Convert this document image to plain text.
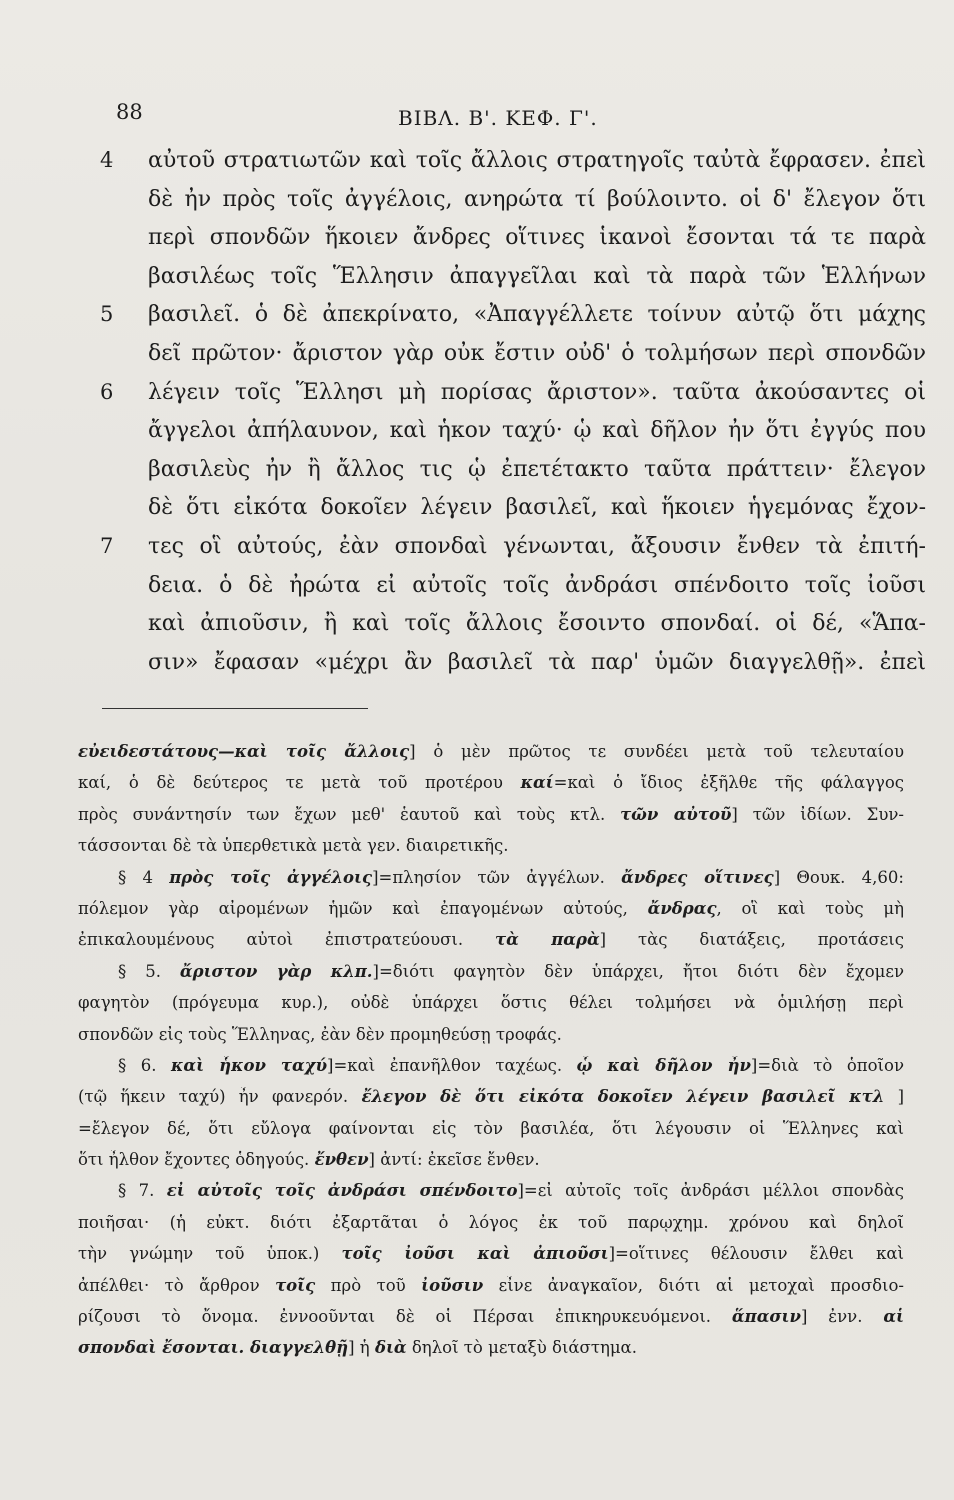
88	ΒΙΒΛ. Β'. ΚΕΦ. Γ'.
4 αὐτοῦ στρατιωτῶν καὶ τοῖς ἄλλοις στρατηγοῖς ταὐτὰ ἔφρασεν. ἐπεὶ
δὲ ἦν πρὸς τοῖς ἀγγέλοις, ανηρώτα τί βούλοιντο. οἱ δ' ἔλεγον ὅτι
περὶ σπονδῶν ἥκοιεν ἄνδρες οἵτινες ἱκανοὶ ἔσονται τά τε παρὰ
βασιλέως τοῖς Ἕλλησιν ἀπαγγεῖλαι καὶ τὰ παρὰ τῶν Ἑλλήνων
5 βασιλεῖ. ὁ δὲ ἀπεκρίνατο, «Ἀπαγγέλλετε τοίνυν αὐτῷ ὅτι μάχης
δεῖ πρῶτον· ἄριστον γὰρ οὐκ ἔστιν οὐδ' ὁ τολμήσων περὶ σπονδῶν
6 λέγειν τοῖς Ἕλλησι μὴ πορίσας ἄριστον». ταῦτα ἀκούσαντες οἱ
ἄγγελοι ἀπήλαυνον, καὶ ἧκον ταχύ· ᾧ καὶ δῆλον ἦν ὅτι ἐγγύς που
βασιλεὺς ἦν ἢ ἄλλος τις ᾧ ἐπετέτακτο ταῦτα πράττειν· ἔλεγον
δὲ ὅτι εἰκότα δοκοῖεν λέγειν βασιλεῖ, καὶ ἥκοιεν ἡγεμόνας ἔχον-
7 τες οἳ αὐτούς, ἐὰν σπονδαὶ γένωνται, ἄξουσιν ἔνθεν τὰ ἐπιτή-
δεια. ὁ δὲ ἠρώτα εἰ αὐτοῖς τοῖς ἀνδράσι σπένδοιτο τοῖς ἰοῦσι
καὶ ἀπιοῦσιν, ἢ καὶ τοῖς ἄλλοις ἔσοιντο σπονδαί. οἱ δέ, «Ἅπα-
σιν» ἔφασαν «μέχρι ἂν βασιλεῖ τὰ παρ' ὑμῶν διαγγελθῇ». ἐπεὶ
εὐειδεστάτους—καὶ τοῖς ἄλλοις] ὁ μὲν πρῶτος τε συνδέει μετὰ τοῦ τελευταίου
καί, ὁ δὲ δεύτερος τε μετὰ τοῦ προτέρου καί=καὶ ὁ ἴδιος ἐξῆλθε τῆς φάλαγγος
πρὸς συνάντησίν των ἔχων μεθ' ἑαυτοῦ καὶ τοὺς κτλ. τῶν αὐτοῦ] τῶν ἰδίων. Συν-
τάσσονται δὲ τὰ ὑπερθετικὰ μετὰ γεν. διαιρετικῆς.
§ 4 πρὸς τοῖς ἀγγέλοις]=πλησίον τῶν ἀγγέλων. ἄνδρες οἵτινες] Θουκ. 4,60:
πόλεμον γὰρ αἰρομένων ἡμῶν καὶ ἐπαγομένων αὐτούς, ἄνδρας, οἳ καὶ τοὺς μὴ
ἐπικαλουμένους αὐτοὶ ἐπιστρατεύουσι. τὰ παρὰ] τὰς διατάξεις, προτάσεις
§ 5. ἄριστον γὰρ κλπ.]=διότι φαγητὸν δὲν ὑπάρχει, ἤτοι διότι δὲν ἔχομεν
φαγητὸν (πρόγευμα κυρ.), οὐδὲ ὑπάρχει ὅστις θέλει τολμήσει νὰ ὁμιλήσῃ περὶ
σπονδῶν εἰς τοὺς Ἕλληνας, ἐὰν δὲν προμηθεύσῃ τροφάς.
§ 6. καὶ ἧκον ταχύ]=καὶ ἐπανῆλθον ταχέως. ᾧ καὶ δῆλον ἦν]=διὰ τὸ ὁποῖον
(τῷ ἥκειν ταχύ) ἦν φανερόν. ἔλεγον δὲ ὅτι εἰκότα δοκοῖεν λέγειν βασιλεῖ κτλ ]
=ἔλεγον δέ, ὅτι εὔλογα φαίνονται εἰς τὸν βασιλέα, ὅτι λέγουσιν οἱ Ἕλληνες καὶ
ὅτι ἦλθον ἔχοντες ὁδηγούς. ἔνθεν] ἀντί: ἐκεῖσε ἔνθεν.
§ 7. εἰ αὐτοῖς τοῖς ἀνδράσι σπένδοιτο]=εἰ αὐτοῖς τοῖς ἀνδράσι μέλλοι σπονδὰς
ποιῆσαι· (ἡ εὐκτ. διότι ἐξαρτᾶται ὁ λόγος ἐκ τοῦ παρῳχημ. χρόνου καὶ δηλοῖ
τὴν γνώμην τοῦ ὑποκ.) τοῖς ἰοῦσι καὶ ἀπιοῦσι]=οἵτινες θέλουσιν ἔλθει καὶ
ἀπέλθει· τὸ ἄρθρον τοῖς πρὸ τοῦ ἰοῦσιν εἶνε ἀναγκαῖον, διότι αἱ μετοχαὶ προσδιο-
ρίζουσι τὸ ὄνομα. ἐννοοῦνται δὲ οἱ Πέρσαι ἐπικηρυκευόμενοι. ἅπασιν] ἐνν. αἱ
σπονδαὶ ἔσονται. διαγγελθῇ] ἡ διὰ δηλοῖ τὸ μεταξὺ διάστημα.
